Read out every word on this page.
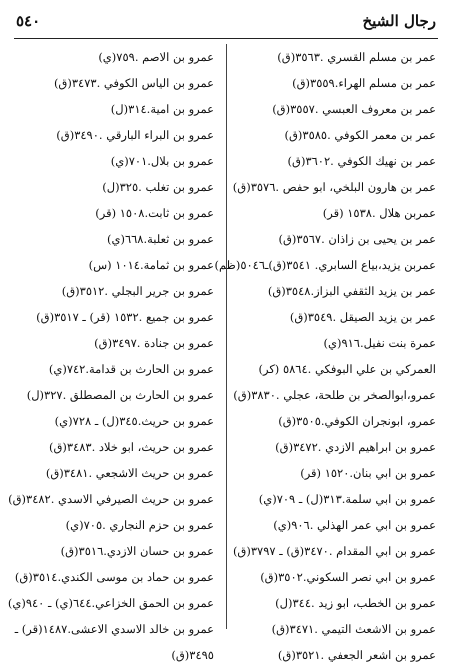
رجال الشيخ
٥٤٠
عمر بن مسلم القسري .٣٥٦٣(ق)
عمر بن مسلم الهراء.٣٥٥٩(ق)
عمر بن معروف العبسي .٣٥٥٧(ق)
عمر بن معمر الكوفي .٣٥٨٥(ق)
عمر بن نهيك الكوفي .٣٦٠٢(ق)
عمر بن هارون البلخي، ابو حفص .٣٥٧٦(ق)
عمربن هلال .١٥٣٨ (قر)
عمر بن يحيى بن زاذان .٣٥٦٧(ق)
عمربن يزيد،بياع السابري. ٣٥٤١(ق)ـ٥٠٤٦(ظم)
عمر بن يزيد الثقفي البزاز.٣٥٤٨(ق)
عمر بن يزيد الصيقل .٣٥٤٩(ق)
عمرة بنت نفيل.٩١٦(ي)
العمركي بن علي البوفكي .٥٨٦٤ (كر)
عمرو،ابوالصخر بن طلحة، عجلي .٣٨٣٠(ق)
عمرو، ابونجران الكوفي.٣٥٠٥(ق)
عمرو بن ابراهيم الازدي .٣٤٧٢(ق)
عمرو بن ابي بنان.١٥٢٠ (قر)
عمرو بن ابي سلمة.٣١٣(ل) ـ ٧٠٩(ي)
عمرو بن ابي عمر الهذلي .٩٠٦(ي)
عمرو بن ابي المقدام .٣٤٧٠(ق) ـ ٣٧٩٧(ق)
عمرو بن ابي نصر السكوني.٣٥٠٢(ق)
عمرو بن الخطب، ابو زيد .٣٤٤(ل)
عمرو بن الاشعث التيمي .٣٤٧١(ق)
عمرو بن اشعر الجعفي .٣٥٢١(ق)
عمرو بن الاصم .٧٥٩(ي)
عمرو بن الياس الكوفي .٣٤٧٣(ق)
عمرو بن امية.٣١٤(ل)
عمرو بن البراء البارقي .٣٤٩٠(ق)
عمرو بن بلال.٧٠١(ي)
عمرو بن تغلب .٣٢٥(ل)
عمرو بن ثابت.١٥٠٨ (قر)
عمرو بن ثعلبة.٦٦٨(ي)
عمرو بن ثمامة.١٠١٤ (س)
عمرو بن جرير البجلي .٣٥١٢(ق)
عمرو بن جميع .١٥٣٢ (قر) ـ ٣٥١٧(ق)
عمرو بن جنادة .٣٤٩٧(ق)
عمرو بن الحارث بن قدامة.٧٤٢(ي)
عمرو بن الحارث بن المصطلق .٣٢٧(ل)
عمرو بن حريث.٣٤٥(ل) ـ ٧٢٨(ي)
عمرو بن حريث، ابو خلاد .٣٤٨٣(ق)
عمرو بن حريث الاشجعي .٣٤٨١(ق)
عمرو بن حريث الصيرفي الاسدي .٣٤٨٢(ق)
عمرو بن حزم النجاري .٧٠٥(ي)
عمرو بن حسان الازدي.٣٥١٦(ق)
عمرو بن حماد بن موسى الكندي.٣٥١٤(ق)
عمرو بن الحمق الخزاعي.٦٤٤(ي) ـ ٩٤٠(ي)
عمرو بن خالد الاسدي الاعشى.١٤٨٧(قر) ـ
٣٤٩٥(ق)
